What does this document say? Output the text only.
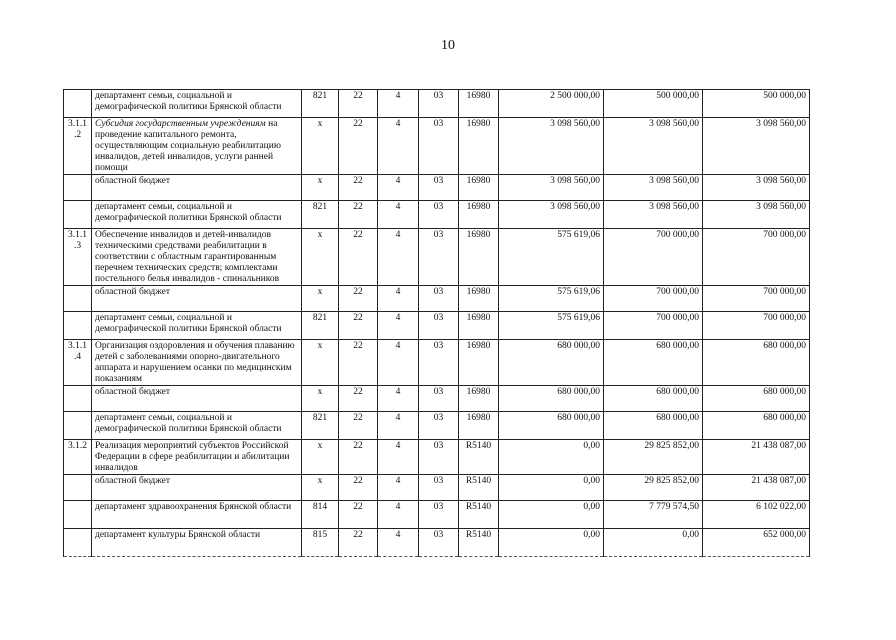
10
	департамент семьи, социальной и демографической политики Брянской области	821	22	4	03	16980	2 500 000,00	500 000,00	500 000,00
3.1.1 .2	Субсидия государственным учреждениям на проведение капитального ремонта, осуществляющим социальную реабилитацию инвалидов, детей инвалидов, услуги ранней помощи	x	22	4	03	16980	3 098 560,00	3 098 560,00	3 098 560,00
	областной бюджет	x	22	4	03	16980	3 098 560,00	3 098 560,00	3 098 560,00
	департамент семьи, социальной и демографической политики Брянской области	821	22	4	03	16980	3 098 560,00	3 098 560,00	3 098 560,00
3.1.1 .3	Обеспечение инвалидов и детей-инвалидов техническими средствами реабилитации в соответствии с областным гарантированным перечнем технических средств; комплектами постельного белья инвалидов - спинальников	x	22	4	03	16980	575 619,06	700 000,00	700 000,00
	областной бюджет	x	22	4	03	16980	575 619,06	700 000,00	700 000,00
	департамент семьи, социальной и демографической политики Брянской области	821	22	4	03	16980	575 619,06	700 000,00	700 000,00
3.1.1 .4	Организация оздоровления и обучения плаванию детей с заболеваниями опорно-двигательного аппарата и нарушением осанки по медицинским показаниям	x	22	4	03	16980	680 000,00	680 000,00	680 000,00
	областной бюджет	x	22	4	03	16980	680 000,00	680 000,00	680 000,00
	департамент семьи, социальной и демографической политики Брянской области	821	22	4	03	16980	680 000,00	680 000,00	680 000,00
3.1.2	Реализация мероприятий субъектов Российской Федерации в сфере реабилитации и абилитации инвалидов	x	22	4	03	R5140	0,00	29 825 852,00	21 438 087,00
	областной бюджет	x	22	4	03	R5140	0,00	29 825 852,00	21 438 087,00
	департамент здравоохранения Брянской области	814	22	4	03	R5140	0,00	7 779 574,50	6 102 022,00
	департамент культуры Брянской области	815	22	4	03	R5140	0,00	0,00	652 000,00
